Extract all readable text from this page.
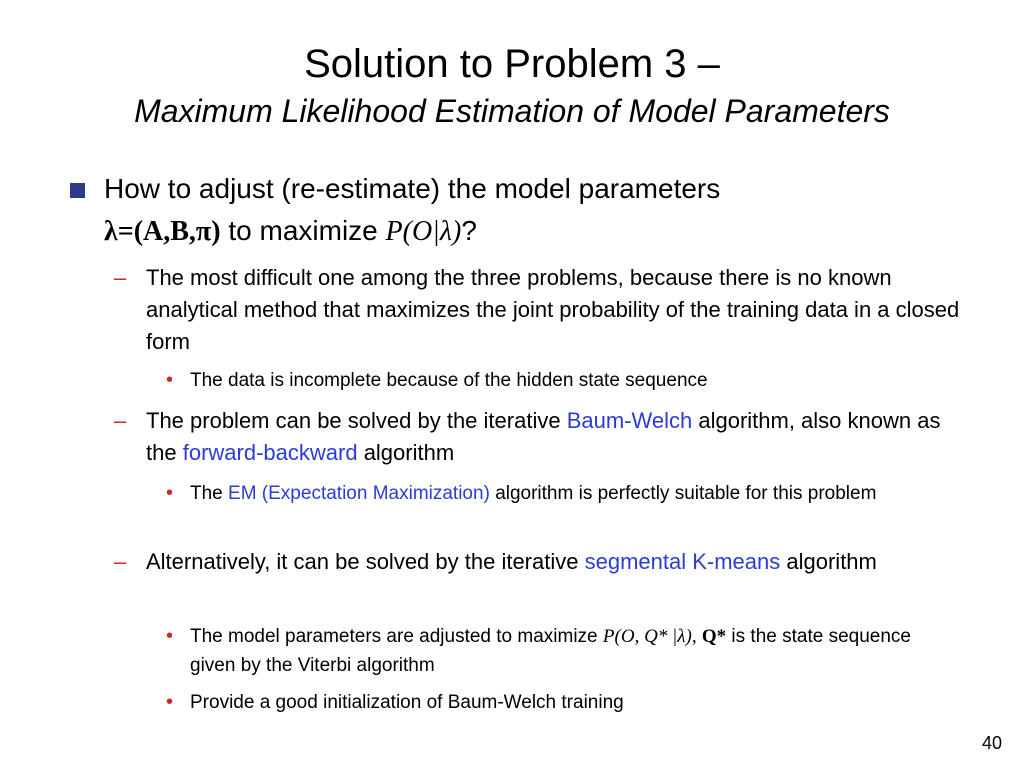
Solution to Problem 3 –
Maximum Likelihood Estimation of Model Parameters
How to adjust (re-estimate) the model parameters
λ=(A,B,π) to maximize P(O|λ)?
– The most difficult one among the three problems, because there is no known analytical method that maximizes the joint probability of the training data in a closed form
• The data is incomplete because of the hidden state sequence
– The problem can be solved by the iterative Baum-Welch algorithm, also known as the forward-backward algorithm
• The EM (Expectation Maximization) algorithm is perfectly suitable for this problem
– Alternatively, it can be solved by the iterative segmental K-means algorithm
• The model parameters are adjusted to maximize P(O, Q* |λ), Q* is the state sequence given by the Viterbi algorithm
• Provide a good initialization of Baum-Welch training
40
